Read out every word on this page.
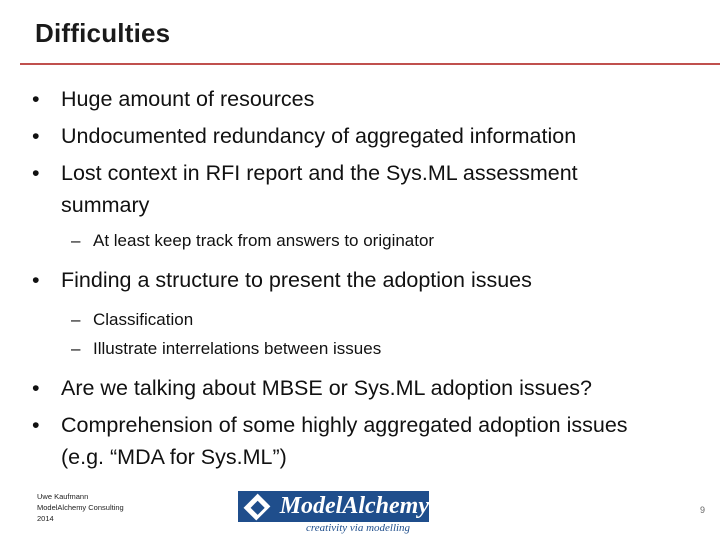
Difficulties
• Huge amount of resources
• Undocumented redundancy of aggregated information
• Lost context in RFI report and the Sys.ML assessment summary
– At least keep track from answers to originator
• Finding a structure to present the adoption issues
– Classification
– Illustrate interrelations between issues
• Are we talking about MBSE or Sys.ML adoption issues?
• Comprehension of some highly aggregated adoption issues (e.g. “MDA for Sys.ML”)
Uwe Kaufmann
ModelAlchemy Consulting
2014	ModelAlchemy
creativity via modelling
9
